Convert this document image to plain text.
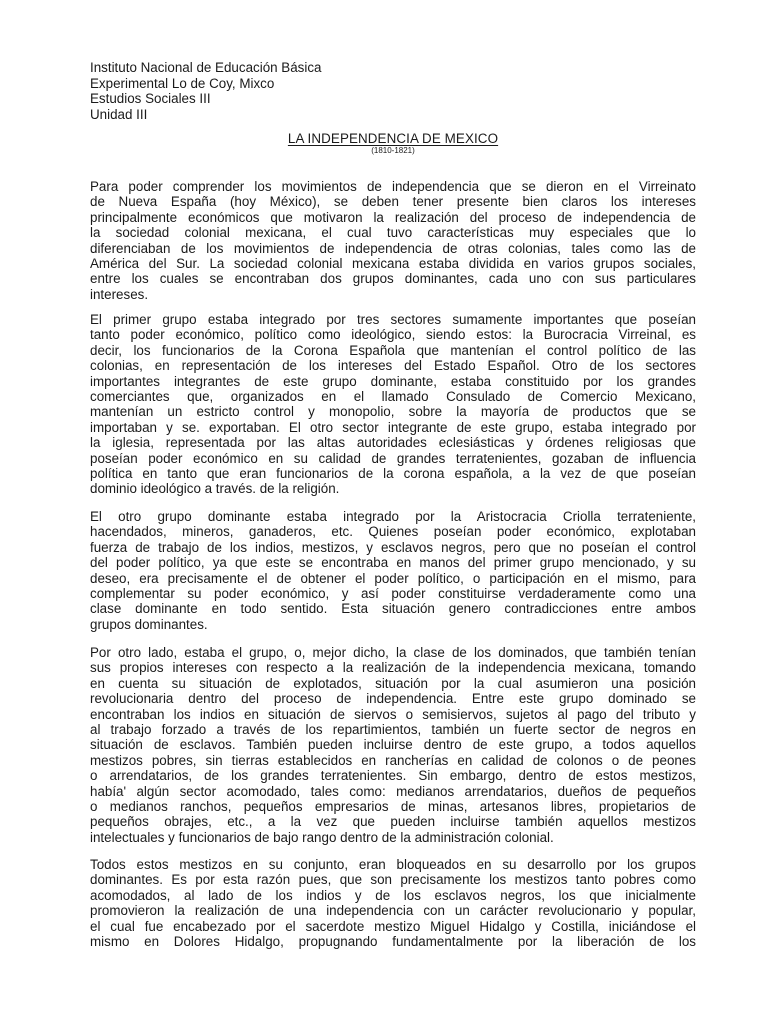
Instituto Nacional de Educación Básica
Experimental Lo de Coy, Mixco
Estudios Sociales III
Unidad III
LA INDEPENDENCIA DE MEXICO
(1810-1821)
Para poder comprender los movimientos de independencia que se dieron en el Virreinato
de Nueva España (hoy México), se deben tener presente bien claros los intereses
principalmente económicos que motivaron la realización del proceso de independencia de
la sociedad colonial mexicana, el cual tuvo características muy especiales que lo
diferenciaban de los movimientos de independencia de otras colonias, tales como las de
América del Sur. La sociedad colonial mexicana estaba dividida en varios grupos sociales,
entre los cuales se encontraban dos grupos dominantes, cada uno con sus particulares
intereses.
El primer grupo estaba integrado por tres sectores sumamente importantes que poseían
tanto poder económico, político como ideológico, siendo estos: la Burocracia Virreinal, es
decir, los funcionarios de la Corona Española que mantenían el control político de las
colonias, en representación de los intereses del Estado Español. Otro de los sectores
importantes integrantes de este grupo dominante, estaba constituido por los grandes
comerciantes que, organizados en el llamado Consulado de Comercio Mexicano,
mantenían un estricto control y monopolio, sobre la mayoría de productos que se
importaban y se. exportaban. El otro sector integrante de este grupo, estaba integrado por
la iglesia, representada por las altas autoridades eclesiásticas y órdenes religiosas que
poseían poder económico en su calidad de grandes terratenientes, gozaban de influencia
política en tanto que eran funcionarios de la corona española, a la vez de que poseían
dominio ideológico a través. de la religión.
El otro grupo dominante estaba integrado por la Aristocracia Criolla terrateniente,
hacendados, mineros, ganaderos, etc. Quienes poseían poder económico, explotaban
fuerza de trabajo de los indios, mestizos, y esclavos negros, pero que no poseían el control
del poder político, ya que este se encontraba en manos del primer grupo mencionado, y su
deseo, era precisamente el de obtener el poder político, o participación en el mismo, para
complementar su poder económico, y así poder constituirse verdaderamente como una
clase dominante en todo sentido. Esta situación genero contradicciones entre ambos
grupos dominantes.
Por otro lado, estaba el grupo, o, mejor dicho, la clase de los dominados, que también tenían
sus propios intereses con respecto a la realización de la independencia mexicana, tomando
en cuenta su situación de explotados, situación por la cual asumieron una posición
revolucionaria dentro del proceso de independencia. Entre este grupo dominado se
encontraban los indios en situación de siervos o semisiervos, sujetos al pago del tributo y
al trabajo forzado a través de los repartimientos, también un fuerte sector de negros en
situación de esclavos. También pueden incluirse dentro de este grupo, a todos aquellos
mestizos pobres, sin tierras establecidos en rancherías en calidad de colonos o de peones
o arrendatarios, de los grandes terratenientes. Sin embargo, dentro de estos mestizos,
había' algún sector acomodado, tales como: medianos arrendatarios, dueños de pequeños
o medianos ranchos, pequeños empresarios de minas, artesanos libres, propietarios de
pequeños obrajes, etc., a la vez que pueden incluirse también aquellos mestizos
intelectuales y funcionarios de bajo rango dentro de la administración colonial.
Todos estos mestizos en su conjunto, eran bloqueados en su desarrollo por los grupos
dominantes. Es por esta razón pues, que son precisamente los mestizos tanto pobres como
acomodados, al lado de los indios y de los esclavos negros, los que inicialmente
promovieron la realización de una independencia con un carácter revolucionario y popular,
el cual fue encabezado por el sacerdote mestizo Miguel Hidalgo y Costilla, iniciándose el
mismo en Dolores Hidalgo, propugnando fundamentalmente por la liberación de los
